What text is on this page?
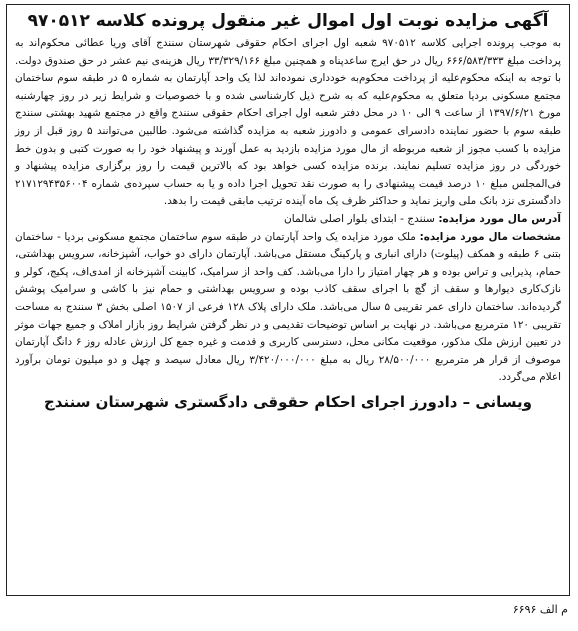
آگهی مزایده نوبت اول اموال غیر منقول پرونده کلاسه ۹۷۰۵۱۲

به موجب پرونده اجرایی کلاسه ۹۷۰۵۱۲ شعبه اول اجرای احکام حقوقی شهرستان سنندج آقای وریا عطائی محکوم‌اند به پرداخت مبلغ ۶۶۶/۵۸۳/۳۳۳ ریال در حق ایرج ساعدپناه و همچنین مبلغ ۳۳/۳۲۹/۱۶۶ ریال هزینه‌ی نیم عشر در حق صندوق دولت. با توجه به اینکه محکوم‌علیه از پرداخت محکوم‌به خودداری نموده‌اند لذا یک واحد آپارتمان به شماره ۵ در طبقه سوم ساختمان مجتمع مسکونی بردیا متعلق به محکوم‌علیه که به شرح ذیل کارشناسی شده و با خصوصیات و شرایط زیر در روز چهارشنبه مورخ ۱۳۹۷/۶/۲۱ از ساعت ۹ الی ۱۰ در محل دفتر شعبه اول اجرای احکام حقوقی سنندج واقع در مجتمع شهید بهشتی سنندج طبقه سوم با حضور نماینده دادسرای عمومی و دادورز شعبه به مزایده گذاشته می‌شود. طالبین می‌توانند ۵ روز قبل از روز مزایده با کسب مجوز از شعبه مربوطه از مال مورد مزایده بازدید به عمل آورند و پیشنهاد خود را به صورت کتبی و بدون خط خوردگی در روز مزایده تسلیم نمایند. برنده مزایده کسی خواهد بود که بالاترین قیمت را روز برگزاری مزایده پیشنهاد و فی‌المجلس مبلغ ۱۰ درصد قیمت پیشنهادی را به صورت نقد تحویل اجرا داده و یا به حساب سپرده‌ی شماره ۲۱۷۱۲۹۴۳۵۶۰۰۴ دادگستری نزد بانک ملی واریز نماید و حداکثر ظرف یک ماه آینده ترتیب مابقی قیمت را بدهد.

آدرس مال مورد مزایده: سنندج - ابتدای بلوار اصلی شالمان

مشخصات مال مورد مزایده: ملک مورد مزایده یک واحد آپارتمان در طبقه سوم ساختمان مجتمع مسکونی بردیا - ساختمان بتنی ۶ طبقه و همکف (پیلوت) دارای انباری و پارکینگ مستقل می‌باشد. آپارتمان دارای دو خواب، آشپزخانه، سرویس بهداشتی، حمام، پذیرایی و تراس بوده و هر چهار امتیاز را دارا می‌باشد. کف واحد از سرامیک، کابینت آشپزخانه از امدی‌اف، پکیج، کولر و نازک‌کاری دیوارها و سقف از گچ با اجرای سقف کاذب بوده و سرویس بهداشتی و حمام نیز با کاشی و سرامیک پوشش گردیده‌اند. ساختمان دارای عمر تقریبی ۵ سال می‌باشد. ملک دارای پلاک ۱۲۸ فرعی از ۱۵۰۷ اصلی بخش ۳ سنندج به مساحت تقریبی ۱۲۰ مترمربع می‌باشد. در نهایت بر اساس توضیحات تقدیمی و در نظر گرفتن شرایط روز بازار املاک و جمیع جهات موثر در تعیین ارزش ملک مذکور، موقعیت مکانی محل، دسترسی کاربری و قدمت و غیره جمع کل ارزش عادله روز ۶ دانگ آپارتمان موصوف از قرار هر مترمربع ۲۸/۵۰۰/۰۰۰ ریال به مبلغ ۳/۴۲۰/۰۰۰/۰۰۰ ریال معادل سیصد و چهل و دو میلیون تومان برآورد اعلام می‌گردد.

ویسانی – دادورز اجرای احکام حقوقی دادگستری شهرستان سنندج
م الف ۶۶۹۶
